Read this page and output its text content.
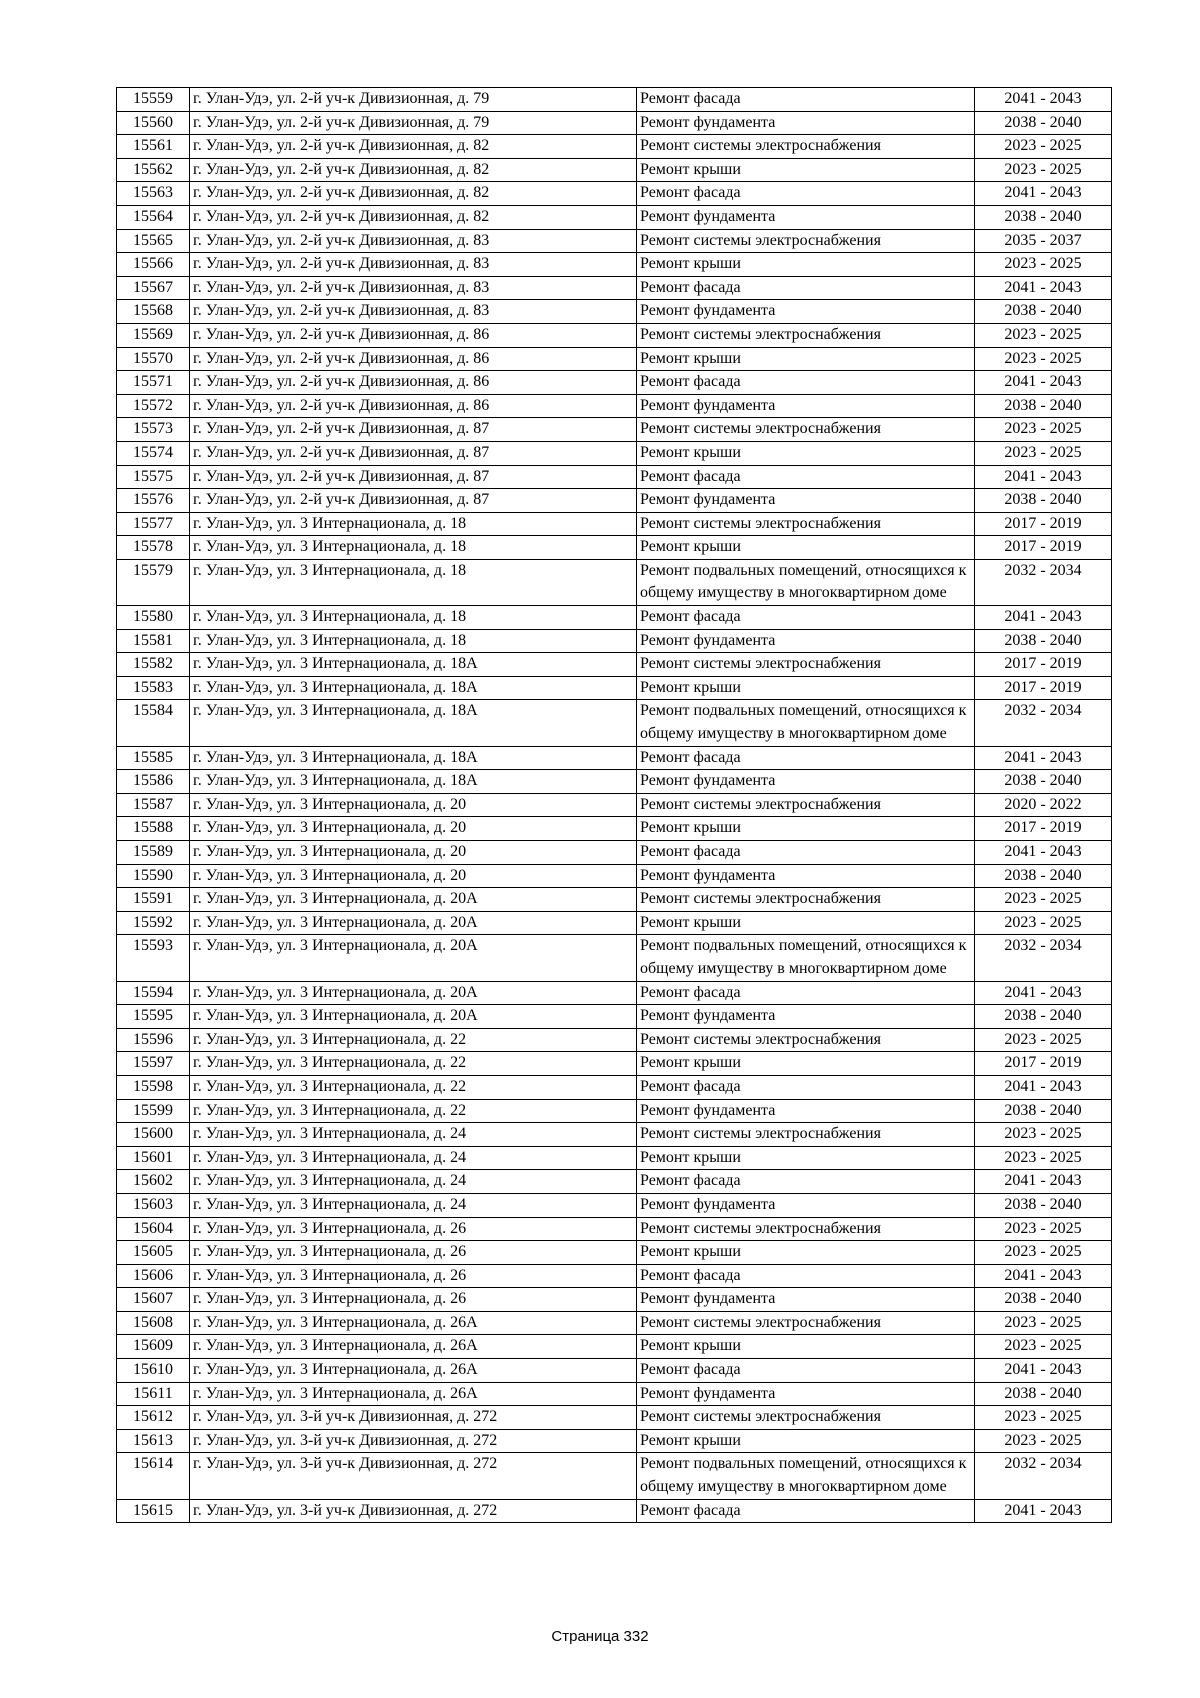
15559	г. Улан-Удэ, ул. 2-й уч-к Дивизионная, д. 79	Ремонт фасада	2041 - 2043
15560	г. Улан-Удэ, ул. 2-й уч-к Дивизионная, д. 79	Ремонт фундамента	2038 - 2040
15561	г. Улан-Удэ, ул. 2-й уч-к Дивизионная, д. 82	Ремонт системы электроснабжения	2023 - 2025
15562	г. Улан-Удэ, ул. 2-й уч-к Дивизионная, д. 82	Ремонт крыши	2023 - 2025
15563	г. Улан-Удэ, ул. 2-й уч-к Дивизионная, д. 82	Ремонт фасада	2041 - 2043
15564	г. Улан-Удэ, ул. 2-й уч-к Дивизионная, д. 82	Ремонт фундамента	2038 - 2040
15565	г. Улан-Удэ, ул. 2-й уч-к Дивизионная, д. 83	Ремонт системы электроснабжения	2035 - 2037
15566	г. Улан-Удэ, ул. 2-й уч-к Дивизионная, д. 83	Ремонт крыши	2023 - 2025
15567	г. Улан-Удэ, ул. 2-й уч-к Дивизионная, д. 83	Ремонт фасада	2041 - 2043
15568	г. Улан-Удэ, ул. 2-й уч-к Дивизионная, д. 83	Ремонт фундамента	2038 - 2040
15569	г. Улан-Удэ, ул. 2-й уч-к Дивизионная, д. 86	Ремонт системы электроснабжения	2023 - 2025
15570	г. Улан-Удэ, ул. 2-й уч-к Дивизионная, д. 86	Ремонт крыши	2023 - 2025
15571	г. Улан-Удэ, ул. 2-й уч-к Дивизионная, д. 86	Ремонт фасада	2041 - 2043
15572	г. Улан-Удэ, ул. 2-й уч-к Дивизионная, д. 86	Ремонт фундамента	2038 - 2040
15573	г. Улан-Удэ, ул. 2-й уч-к Дивизионная, д. 87	Ремонт системы электроснабжения	2023 - 2025
15574	г. Улан-Удэ, ул. 2-й уч-к Дивизионная, д. 87	Ремонт крыши	2023 - 2025
15575	г. Улан-Удэ, ул. 2-й уч-к Дивизионная, д. 87	Ремонт фасада	2041 - 2043
15576	г. Улан-Удэ, ул. 2-й уч-к Дивизионная, д. 87	Ремонт фундамента	2038 - 2040
15577	г. Улан-Удэ, ул. 3 Интернационала, д. 18	Ремонт системы электроснабжения	2017 - 2019
15578	г. Улан-Удэ, ул. 3 Интернационала, д. 18	Ремонт крыши	2017 - 2019
15579	г. Улан-Удэ, ул. 3 Интернационала, д. 18	Ремонт подвальных помещений, относящихся к общему имуществу в многоквартирном доме	2032 - 2034
15580	г. Улан-Удэ, ул. 3 Интернационала, д. 18	Ремонт фасада	2041 - 2043
15581	г. Улан-Удэ, ул. 3 Интернационала, д. 18	Ремонт фундамента	2038 - 2040
15582	г. Улан-Удэ, ул. 3 Интернационала, д. 18А	Ремонт системы электроснабжения	2017 - 2019
15583	г. Улан-Удэ, ул. 3 Интернационала, д. 18А	Ремонт крыши	2017 - 2019
15584	г. Улан-Удэ, ул. 3 Интернационала, д. 18А	Ремонт подвальных помещений, относящихся к общему имуществу в многоквартирном доме	2032 - 2034
15585	г. Улан-Удэ, ул. 3 Интернационала, д. 18А	Ремонт фасада	2041 - 2043
15586	г. Улан-Удэ, ул. 3 Интернационала, д. 18А	Ремонт фундамента	2038 - 2040
15587	г. Улан-Удэ, ул. 3 Интернационала, д. 20	Ремонт системы электроснабжения	2020 - 2022
15588	г. Улан-Удэ, ул. 3 Интернационала, д. 20	Ремонт крыши	2017 - 2019
15589	г. Улан-Удэ, ул. 3 Интернационала, д. 20	Ремонт фасада	2041 - 2043
15590	г. Улан-Удэ, ул. 3 Интернационала, д. 20	Ремонт фундамента	2038 - 2040
15591	г. Улан-Удэ, ул. 3 Интернационала, д. 20А	Ремонт системы электроснабжения	2023 - 2025
15592	г. Улан-Удэ, ул. 3 Интернационала, д. 20А	Ремонт крыши	2023 - 2025
15593	г. Улан-Удэ, ул. 3 Интернационала, д. 20А	Ремонт подвальных помещений, относящихся к общему имуществу в многоквартирном доме	2032 - 2034
15594	г. Улан-Удэ, ул. 3 Интернационала, д. 20А	Ремонт фасада	2041 - 2043
15595	г. Улан-Удэ, ул. 3 Интернационала, д. 20А	Ремонт фундамента	2038 - 2040
15596	г. Улан-Удэ, ул. 3 Интернационала, д. 22	Ремонт системы электроснабжения	2023 - 2025
15597	г. Улан-Удэ, ул. 3 Интернационала, д. 22	Ремонт крыши	2017 - 2019
15598	г. Улан-Удэ, ул. 3 Интернационала, д. 22	Ремонт фасада	2041 - 2043
15599	г. Улан-Удэ, ул. 3 Интернационала, д. 22	Ремонт фундамента	2038 - 2040
15600	г. Улан-Удэ, ул. 3 Интернационала, д. 24	Ремонт системы электроснабжения	2023 - 2025
15601	г. Улан-Удэ, ул. 3 Интернационала, д. 24	Ремонт крыши	2023 - 2025
15602	г. Улан-Удэ, ул. 3 Интернационала, д. 24	Ремонт фасада	2041 - 2043
15603	г. Улан-Удэ, ул. 3 Интернационала, д. 24	Ремонт фундамента	2038 - 2040
15604	г. Улан-Удэ, ул. 3 Интернационала, д. 26	Ремонт системы электроснабжения	2023 - 2025
15605	г. Улан-Удэ, ул. 3 Интернационала, д. 26	Ремонт крыши	2023 - 2025
15606	г. Улан-Удэ, ул. 3 Интернационала, д. 26	Ремонт фасада	2041 - 2043
15607	г. Улан-Удэ, ул. 3 Интернационала, д. 26	Ремонт фундамента	2038 - 2040
15608	г. Улан-Удэ, ул. 3 Интернационала, д. 26А	Ремонт системы электроснабжения	2023 - 2025
15609	г. Улан-Удэ, ул. 3 Интернационала, д. 26А	Ремонт крыши	2023 - 2025
15610	г. Улан-Удэ, ул. 3 Интернационала, д. 26А	Ремонт фасада	2041 - 2043
15611	г. Улан-Удэ, ул. 3 Интернационала, д. 26А	Ремонт фундамента	2038 - 2040
15612	г. Улан-Удэ, ул. 3-й уч-к Дивизионная, д. 272	Ремонт системы электроснабжения	2023 - 2025
15613	г. Улан-Удэ, ул. 3-й уч-к Дивизионная, д. 272	Ремонт крыши	2023 - 2025
15614	г. Улан-Удэ, ул. 3-й уч-к Дивизионная, д. 272	Ремонт подвальных помещений, относящихся к общему имуществу в многоквартирном доме	2032 - 2034
15615	г. Улан-Удэ, ул. 3-й уч-к Дивизионная, д. 272	Ремонт фасада	2041 - 2043
Страница 332
